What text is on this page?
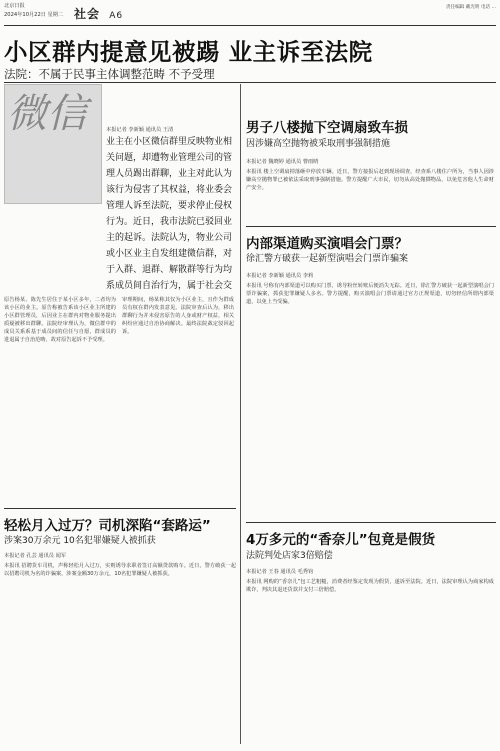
北京日报
2024年10月22日 星期二 社会 A6
责任编辑 戴光明 电话 ...
小区群内提意见被踢 业主诉至法院
法院：不属于民事主体调整范畴 不予受理
微信	本报记者 李新颖 通讯员 王清
业主在小区微信群里反映物业相关问题，却遭物业管理公司的管理人员踢出群聊，业主对此认为该行为侵害了其权益，将业委会管理人诉至法院，要求停止侵权行为。近日，我市法院已驳回业主的起诉。法院认为，物业公司或小区业主自发组建微信群，对于入群、退群、解散群等行为均系成员间自治行为，属于社会交
原告杨某、陈先生居住于某小区多年，二者均为该小区的业主。原告称被告系该小区业主所建的小区群管理员，后因业主在群内对物业服务提出质疑被移出群聊。法院经审理认为，微信群中的成员关系系基于成员间的信任与自愿，群成员的进退属于自治范畴，故对原告起诉不予受理。
审理期间，杨某称其仅为小区业主，且作为群成员有权在群内发表意见。法院审查后认为，移出群聊行为并未侵害原告的人身或财产权益，相关纠纷应通过自治协商解决。最终法院裁定驳回起诉。
男子八楼抛下空调扇致车损
因涉嫌高空抛物被采取刑事强制措施
本报记者 魏晓婷 通讯员 曹雨晴
本报讯 楼上空调扇掉落砸中停放车辆。近日，警方接报后赶到现场调查，经查系八楼住户所为，当事人因涉嫌高空抛物罪已被依法采取刑事强制措施。警方提醒广大市民，切勿从高处抛掷物品，以免危害他人生命财产安全。
内部渠道购买演唱会门票？
徐汇警方破获一起新型演唱会门票诈骗案
本报记者 李新颖 通讯员 李莉
本报讯 号称有内部渠道可以购买门票，诱导粉丝转账后便消失无踪。近日，徐汇警方破获一起新型演唱会门票诈骗案，抓获犯罪嫌疑人多名。警方提醒，购买演唱会门票请通过官方正规渠道，切勿轻信所谓内部渠道，以免上当受骗。
轻松月入过万？司机深陷“套路运”
涉案30万余元 10名犯罪嫌疑人被抓获
本报记者 孔芸 通讯员 闻军
本报讯 招聘货车司机，声称轻松月入过万，实则诱导求职者签订高额贷款购车。近日，警方破获一起以招聘司机为名的诈骗案，涉案金额30万余元，10名犯罪嫌疑人被抓获。
4万多元的“香奈儿”包竟是假货
法院判处店家3倍赔偿
本报记者 王春 通讯员 毛秀钧
本报讯 网购的“香奈儿”包工艺粗糙，消费者经鉴定发现为假货，遂诉至法院。近日，法院审理认为商家构成欺诈，判决其退还货款并支付三倍赔偿。
